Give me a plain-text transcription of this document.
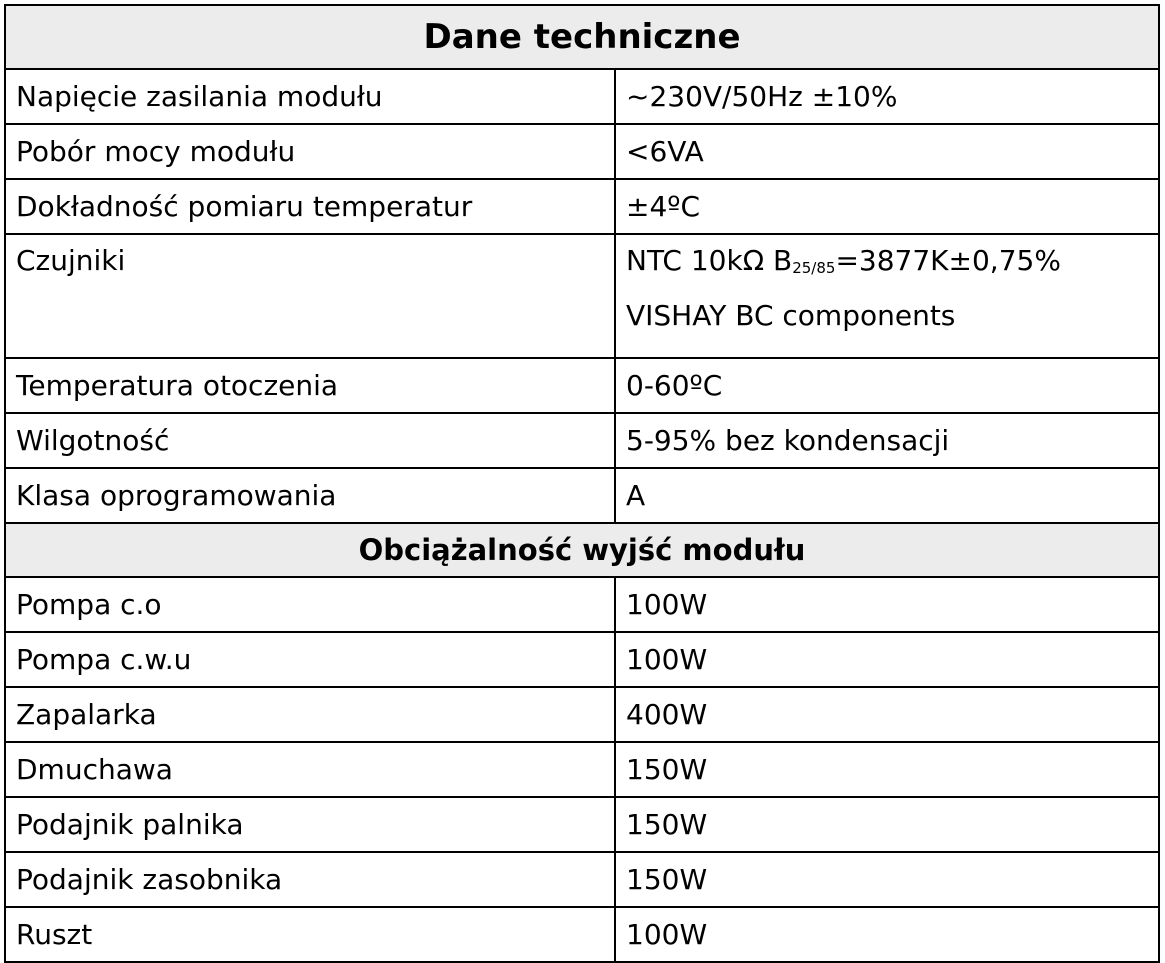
Dane techniczne	
Napięcie zasilania modułu	~230V/50Hz ±10%
Pobór mocy modułu	<6VA
Dokładność pomiaru temperatur	±4ºC
Czujniki	NTC 10kΩ $B_{25/85}=3877K\pm 0,75\%$
VISHAY BC components

Temperatura otoczenia	0-60ºC
Wilgotność	5-95% bez kondensacji
Klasa oprogramowania	A
Obciążalność wyjść modułu	
Pompa c.o	100W
Pompa c.w.u	100W
Zapalarka	400W
Dmuchawa	150W
Podajnik palnika	150W
Podajnik zasobnika	150W
Ruszt	100W
